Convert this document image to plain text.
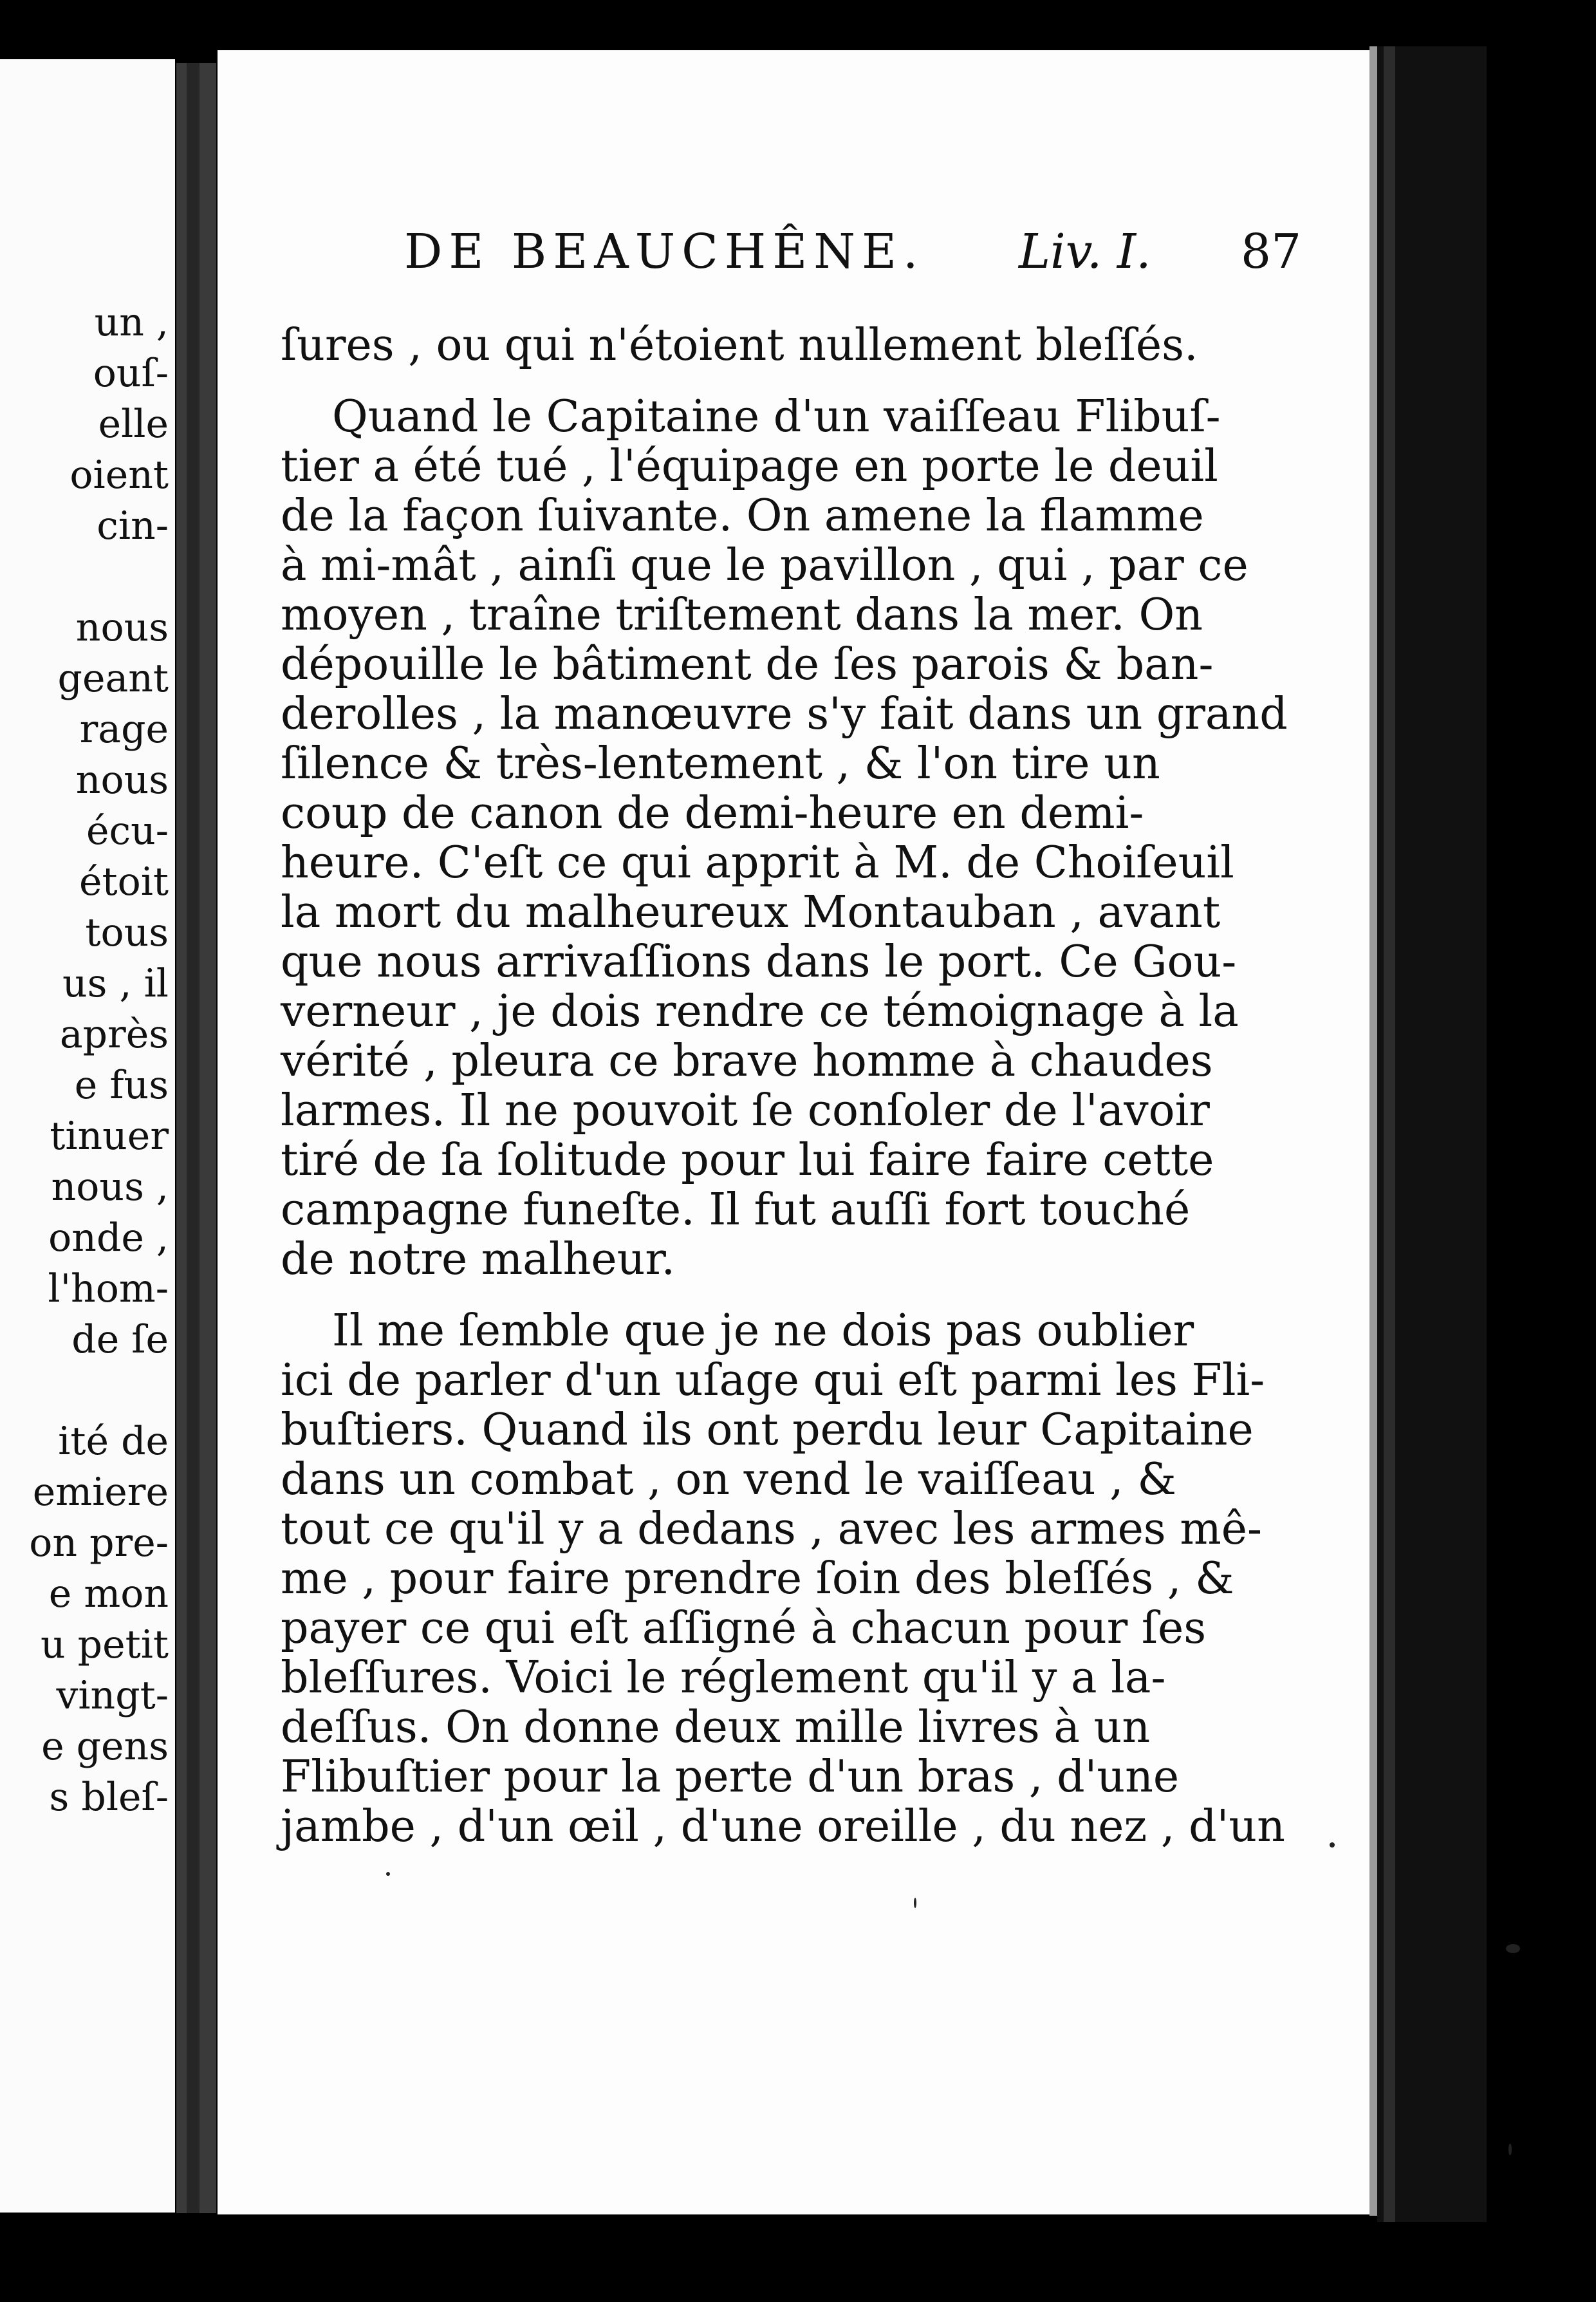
un ,
ouſ-
elle
oient
cin-
nous
geant
rage
nous
écu-
étoit
tous
us , il
après
e fus
tinuer
nous ,
onde ,
l'hom-
de ſe
ité de
emiere
on pre-
e mon
u petit
vingt-
e gens
s bleſ-
DE BEAUCHÊNE. Liv. I. 87
ſures , ou qui n'étoient nullement bleſſés.
Quand le Capitaine d'un vaiſſeau Flibuſ-
tier a été tué , l'équipage en porte le deuil
de la façon ſuivante. On amene la flamme
à mi-mât , ainſi que le pavillon , qui , par ce
moyen , traîne triſtement dans la mer. On
dépouille le bâtiment de ſes parois & ban-
derolles , la manœuvre s'y fait dans un grand
ſilence & très-lentement , & l'on tire un
coup de canon de demi-heure en demi-
heure. C'eſt ce qui apprit à M. de Choiſeuil
la mort du malheureux Montauban , avant
que nous arrivaſſions dans le port. Ce Gou-
verneur , je dois rendre ce témoignage à la
vérité , pleura ce brave homme à chaudes
larmes. Il ne pouvoit ſe conſoler de l'avoir
tiré de ſa ſolitude pour lui faire faire cette
campagne funeſte. Il fut auſſi fort touché
de notre malheur.
Il me ſemble que je ne dois pas oublier
ici de parler d'un uſage qui eſt parmi les Fli-
buſtiers. Quand ils ont perdu leur Capitaine
dans un combat , on vend le vaiſſeau , &
tout ce qu'il y a dedans , avec les armes mê-
me , pour faire prendre ſoin des bleſſés , &
payer ce qui eſt aſſigné à chacun pour ſes
bleſſures. Voici le réglement qu'il y a la-
deſſus. On donne deux mille livres à un
Flibuſtier pour la perte d'un bras , d'une
jambe , d'un œil , d'une oreille , du nez , d'un
